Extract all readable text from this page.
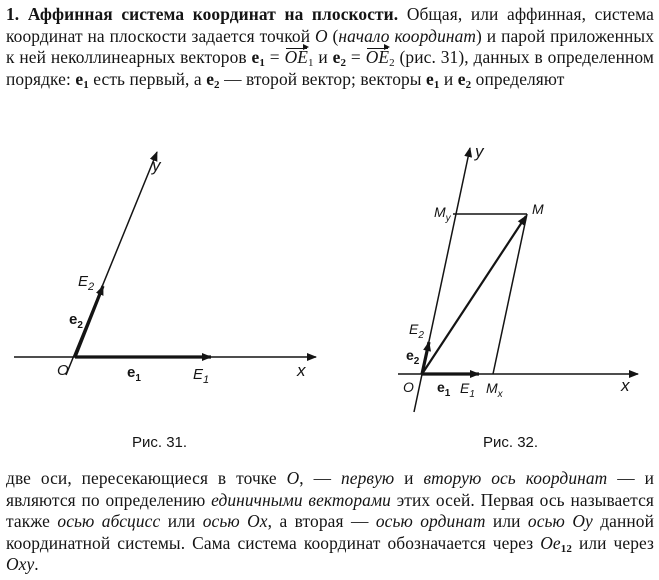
1. Аффинная система координат на плоскости. Общая, или аффинная, система координат на плоскости задается точкой O (начало координат) и парой приложенных к ней неколлинеарных векторов $e_1 = OE_1$ и $e_2 = OE_2$ (рис. 31), данных в определенном порядке: $e_1$ есть первый, а $e_2$ — второй вектор; векторы $e_1$ и $e_2$ определяют
y
$E_2$
$e_2$
O	$e_1$	$E_1$	x
y
$M_y$
M
$E_2$
$e_2$
O $e_1$ $E_1$ $M_x$	x
Рис. 31.	Рис. 32.
две оси, пересекающиеся в точке O, — первую и вторую ось координат — и являются по определению единичными векторами этих осей. Первая ось называется также осью абсцисс или осью Ox, а вторая — осью ординат или осью Oy данной координатной системы. Сама система координат обозначается через $Oe_{12}$ или через Oxy.
